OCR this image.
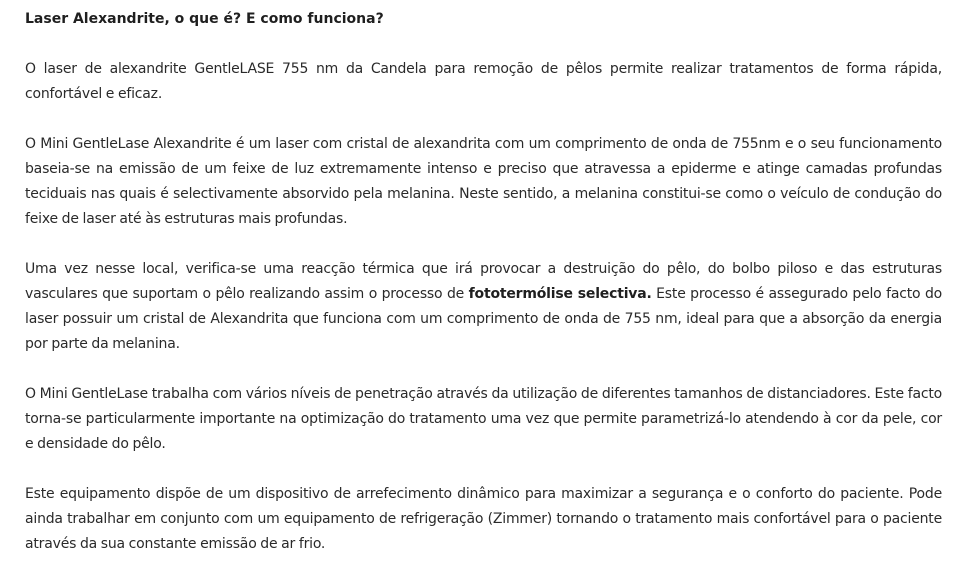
Laser Alexandrite, o que é? E como funciona?

O laser de alexandrite GentleLASE 755 nm da Candela para remoção de pêlos permite realizar tratamentos de forma rápida, confortável e eficaz.

O Mini GentleLase Alexandrite é um laser com cristal de alexandrita com um comprimento de onda de 755nm e o seu funcionamento baseia-se na emissão de um feixe de luz extremamente intenso e preciso que atravessa a epiderme e atinge camadas profundas teciduais nas quais é selectivamente absorvido pela melanina. Neste sentido, a melanina constitui-se como o veículo de condução do feixe de laser até às estruturas mais profundas.

Uma vez nesse local, verifica-se uma reacção térmica que irá provocar a destruição do pêlo, do bolbo piloso e das estruturas vasculares que suportam o pêlo realizando assim o processo de fototermólise selectiva. Este processo é assegurado pelo facto do laser possuir um cristal de Alexandrita que funciona com um comprimento de onda de 755 nm, ideal para que a absorção da energia por parte da melanina.

O Mini GentleLase trabalha com vários níveis de penetração através da utilização de diferentes tamanhos de distanciadores. Este facto torna-se particularmente importante na optimização do tratamento uma vez que permite parametrizá-lo atendendo à cor da pele, cor e densidade do pêlo.

Este equipamento dispõe de um dispositivo de arrefecimento dinâmico para maximizar a segurança e o conforto do paciente. Pode ainda trabalhar em conjunto com um equipamento de refrigeração (Zimmer) tornando o tratamento mais confortável para o paciente através da sua constante emissão de ar frio.
